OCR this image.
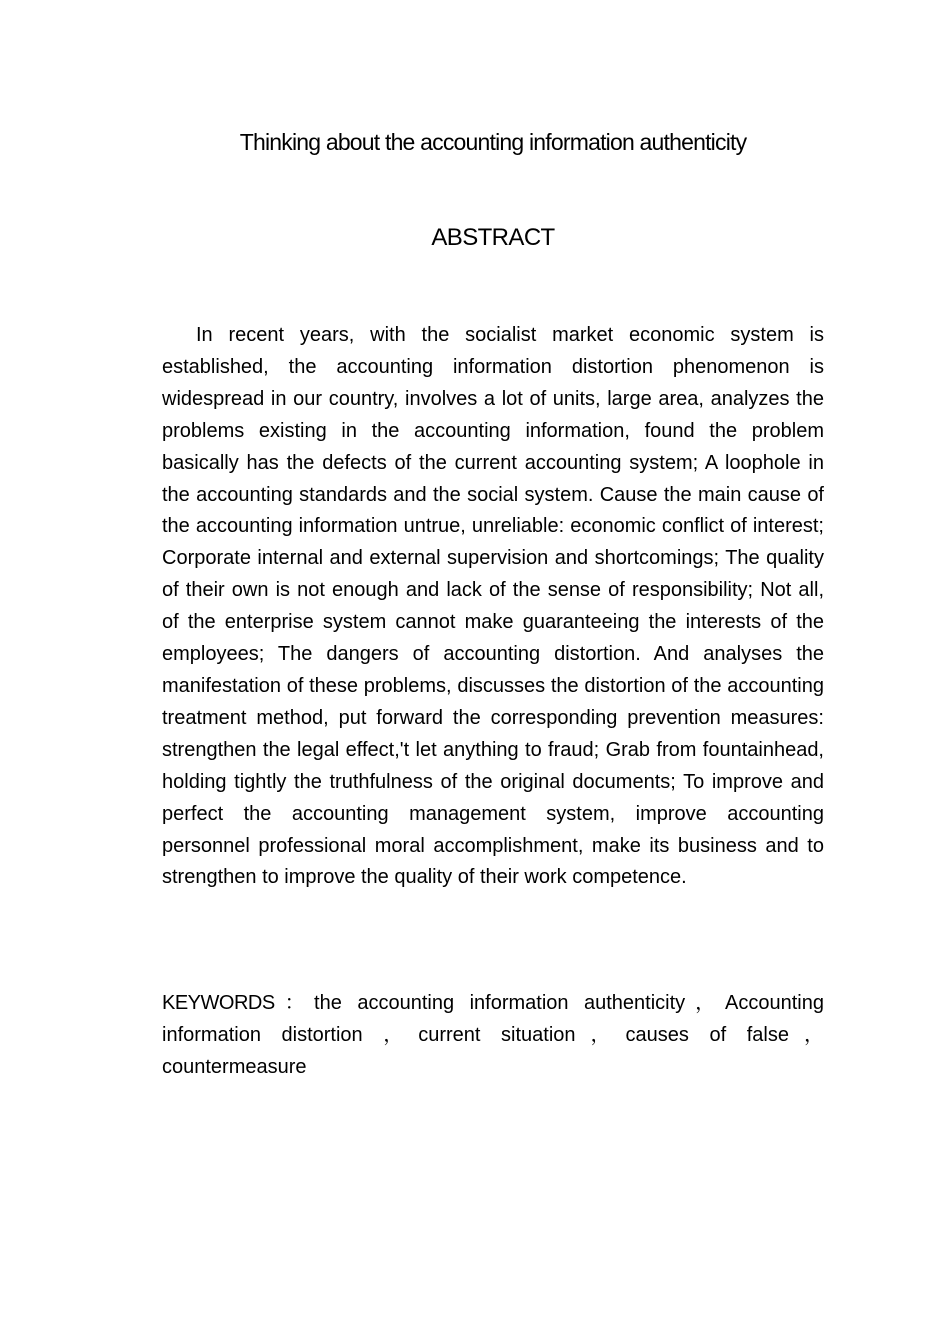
Thinking about the accounting information authenticity
ABSTRACT

In recent years, with the socialist market economic system is established, the accounting information distortion phenomenon is widespread in our country, involves a lot of units, large area, analyzes the problems existing in the accounting information, found the problem basically has the defects of the current accounting system; A loophole in the accounting standards and the social system. Cause the main cause of the accounting information untrue, unreliable: economic conflict of interest; Corporate internal and external supervision and shortcomings; The quality of their own is not enough and lack of the sense of responsibility; Not all, of the enterprise system cannot make guaranteeing the interests of the employees; The dangers of accounting distortion. And analyses the manifestation of these problems, discusses the distortion of the accounting treatment method, put forward the corresponding prevention measures: strengthen the legal effect,'t let anything to fraud; Grab from fountainhead, holding tightly the truthfulness of the original documents; To improve and perfect the accounting management system, improve accounting personnel professional moral accomplishment, make its business and to strengthen to improve the quality of their work competence.

KEYWORDS：the accounting information authenticity，Accounting information distortion ，current situation，causes of false，countermeasure
